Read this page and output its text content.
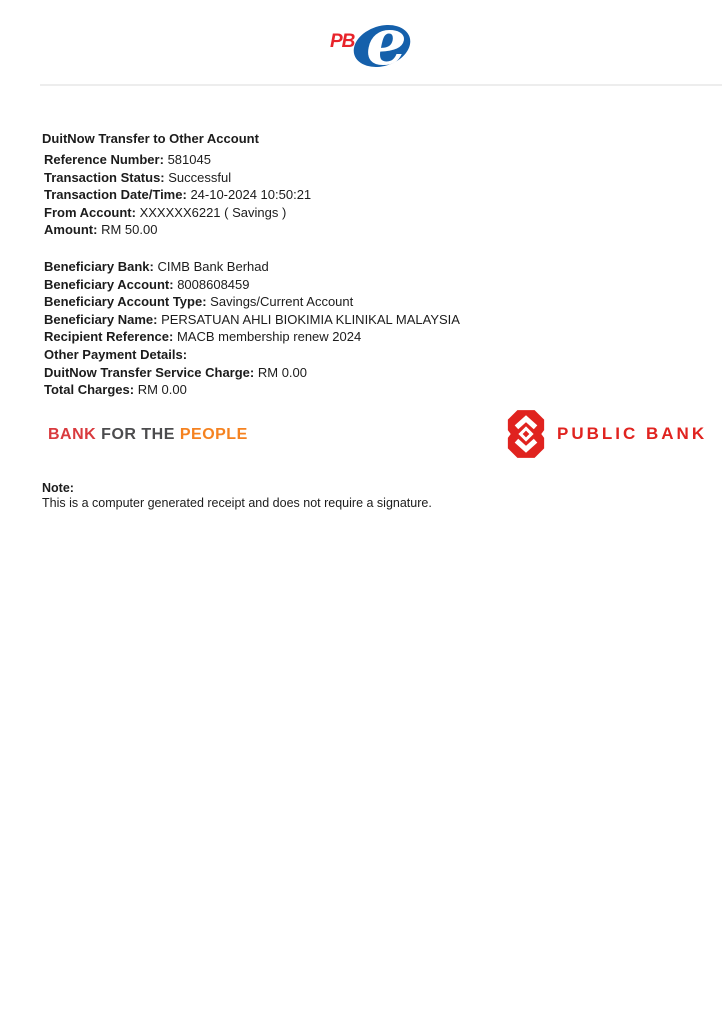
e
PB
DuitNow Transfer to Other Account
Reference Number: 581045
Transaction Status: Successful
Transaction Date/Time: 24-10-2024 10:50:21
From Account: XXXXXX6221 ( Savings )
Amount: RM 50.00
Beneficiary Bank: CIMB Bank Berhad
Beneficiary Account: 8008608459
Beneficiary Account Type: Savings/Current Account
Beneficiary Name: PERSATUAN AHLI BIOKIMIA KLINIKAL MALAYSIA
Recipient Reference: MACB membership renew 2024
Other Payment Details:
DuitNow Transfer Service Charge: RM 0.00
Total Charges: RM 0.00
BANK FOR THE PEOPLE	PUBLIC BANK
Note:
This is a computer generated receipt and does not require a signature.
